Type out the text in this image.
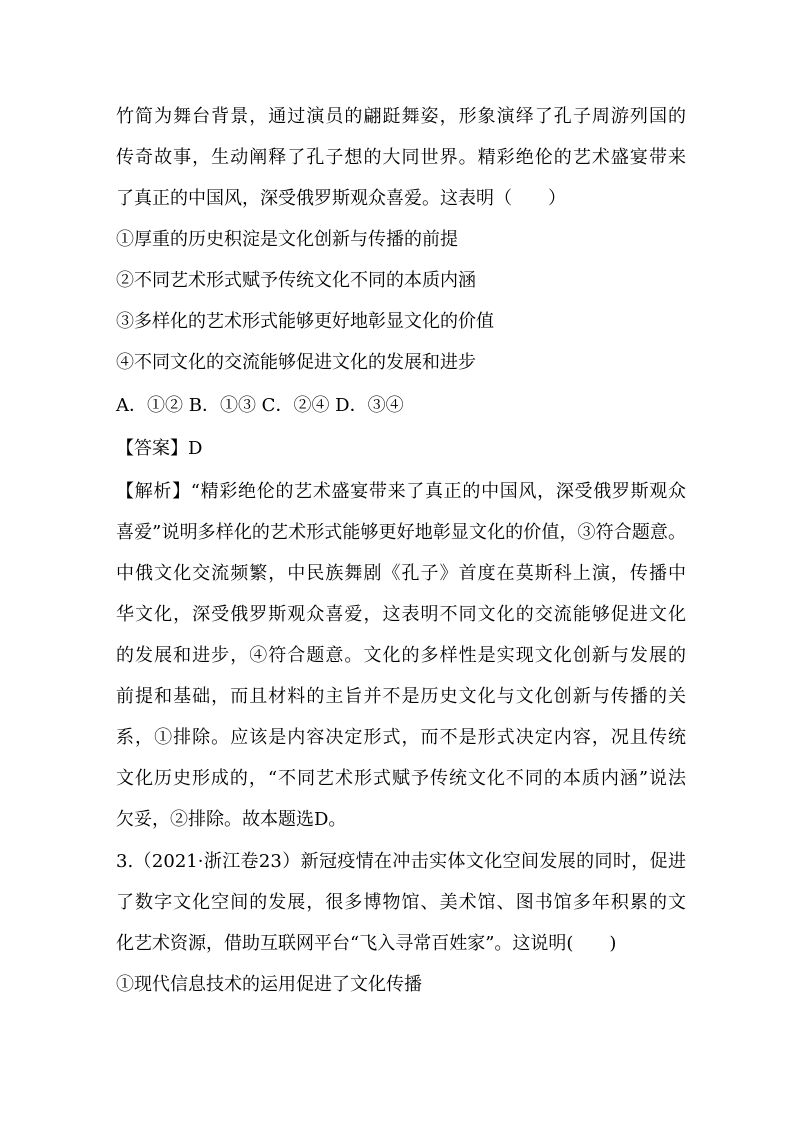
竹简为舞台背景，通过演员的翩跹舞姿，形象演绎了孔子周游列国的
传奇故事，生动阐释了孔子想的大同世界。精彩绝伦的艺术盛宴带来
了真正的中国风，深受俄罗斯观众喜爱。这表明（　　）
①厚重的历史积淀是文化创新与传播的前提
②不同艺术形式赋予传统文化不同的本质内涵
③多样化的艺术形式能够更好地彰显文化的价值
④不同文化的交流能够促进文化的发展和进步
A．①② B．①③ C．②④ D．③④
【答案】D
【解析】“精彩绝伦的艺术盛宴带来了真正的中国风，深受俄罗斯观众
喜爱”说明多样化的艺术形式能够更好地彰显文化的价值，③符合题意。
中俄文化交流频繁，中民族舞剧《孔子》首度在莫斯科上演，传播中
华文化，深受俄罗斯观众喜爱，这表明不同文化的交流能够促进文化
的发展和进步，④符合题意。文化的多样性是实现文化创新与发展的
前提和基础，而且材料的主旨并不是历史文化与文化创新与传播的关
系，①排除。应该是内容决定形式，而不是形式决定内容，况且传统
文化历史形成的，“不同艺术形式赋予传统文化不同的本质内涵”说法
欠妥，②排除。故本题选D。
3.（2021·浙江卷23）新冠疫情在冲击实体文化空间发展的同时，促进
了数字文化空间的发展，很多博物馆、美术馆、图书馆多年积累的文
化艺术资源，借助互联网平台“飞入寻常百姓家”。这说明(　　)
①现代信息技术的运用促进了文化传播
